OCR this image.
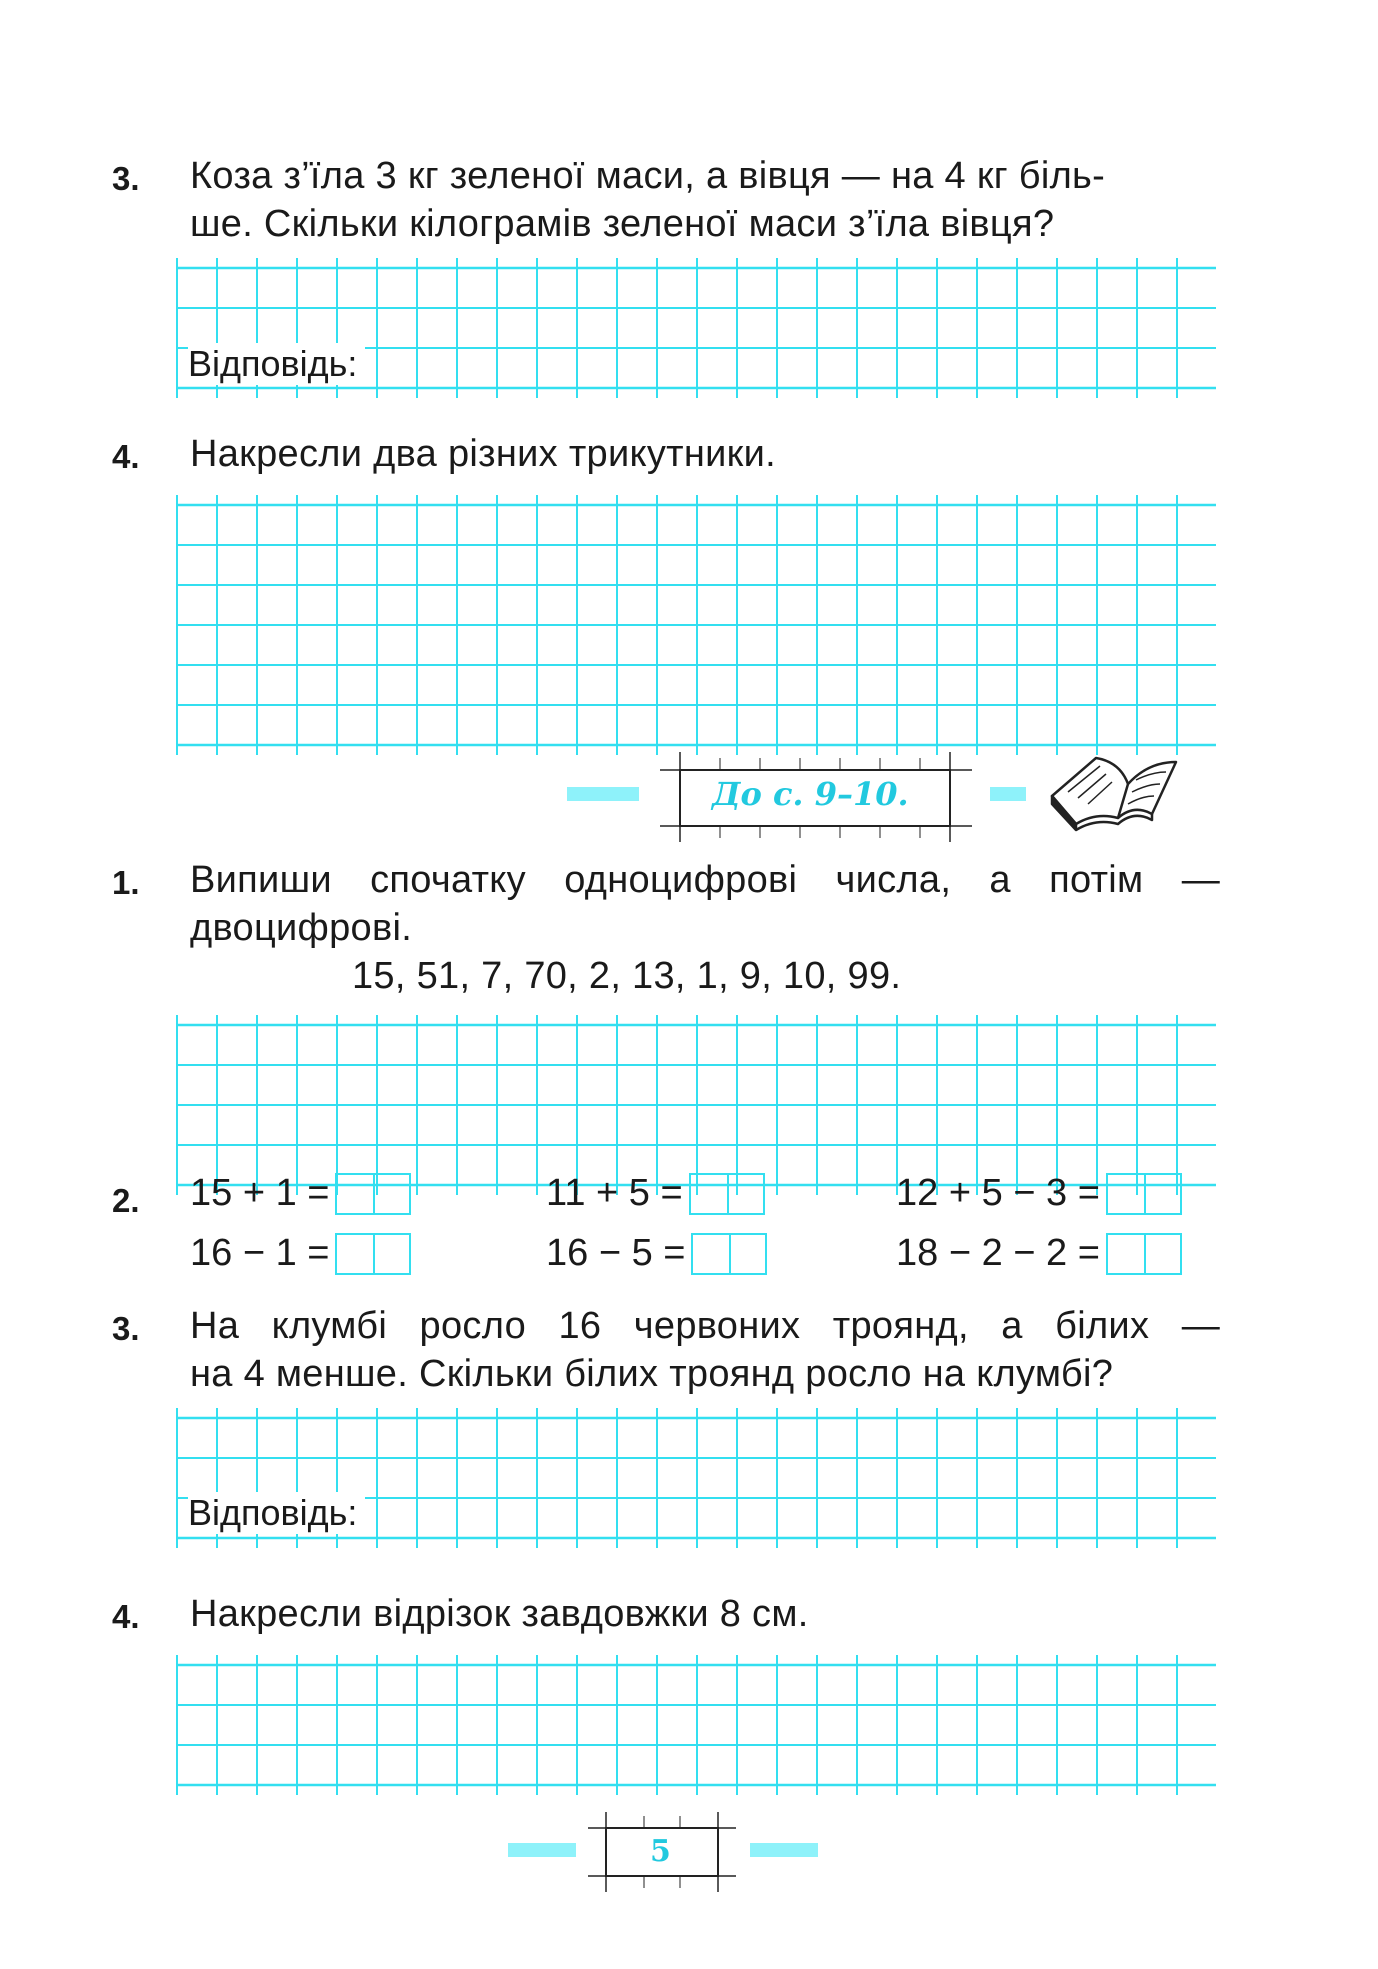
3. Коза з’їла 3 кг зеленої маси, а вівця — на 4 кг біль-
ше. Скільки кілограмів зеленої маси з’їла вівця?
Відповідь:
4. Накресли два різних трикутники.
До с. 9–10.
1. Випиши спочатку одноцифрові числа, а потім —
двоцифрові.
15, 51, 7, 70, 2, 13, 1, 9, 10, 99.
2. 15 + 1 =	11 + 5 =	12 + 5 − 3 =
16 − 1 =	16 − 5 =	18 − 2 − 2 =
3. На клумбі росло 16 червоних троянд, а білих —
на 4 менше. Скільки білих троянд росло на клумбі?
Відповідь:
4. Накресли відрізок завдовжки 8 см.
5
